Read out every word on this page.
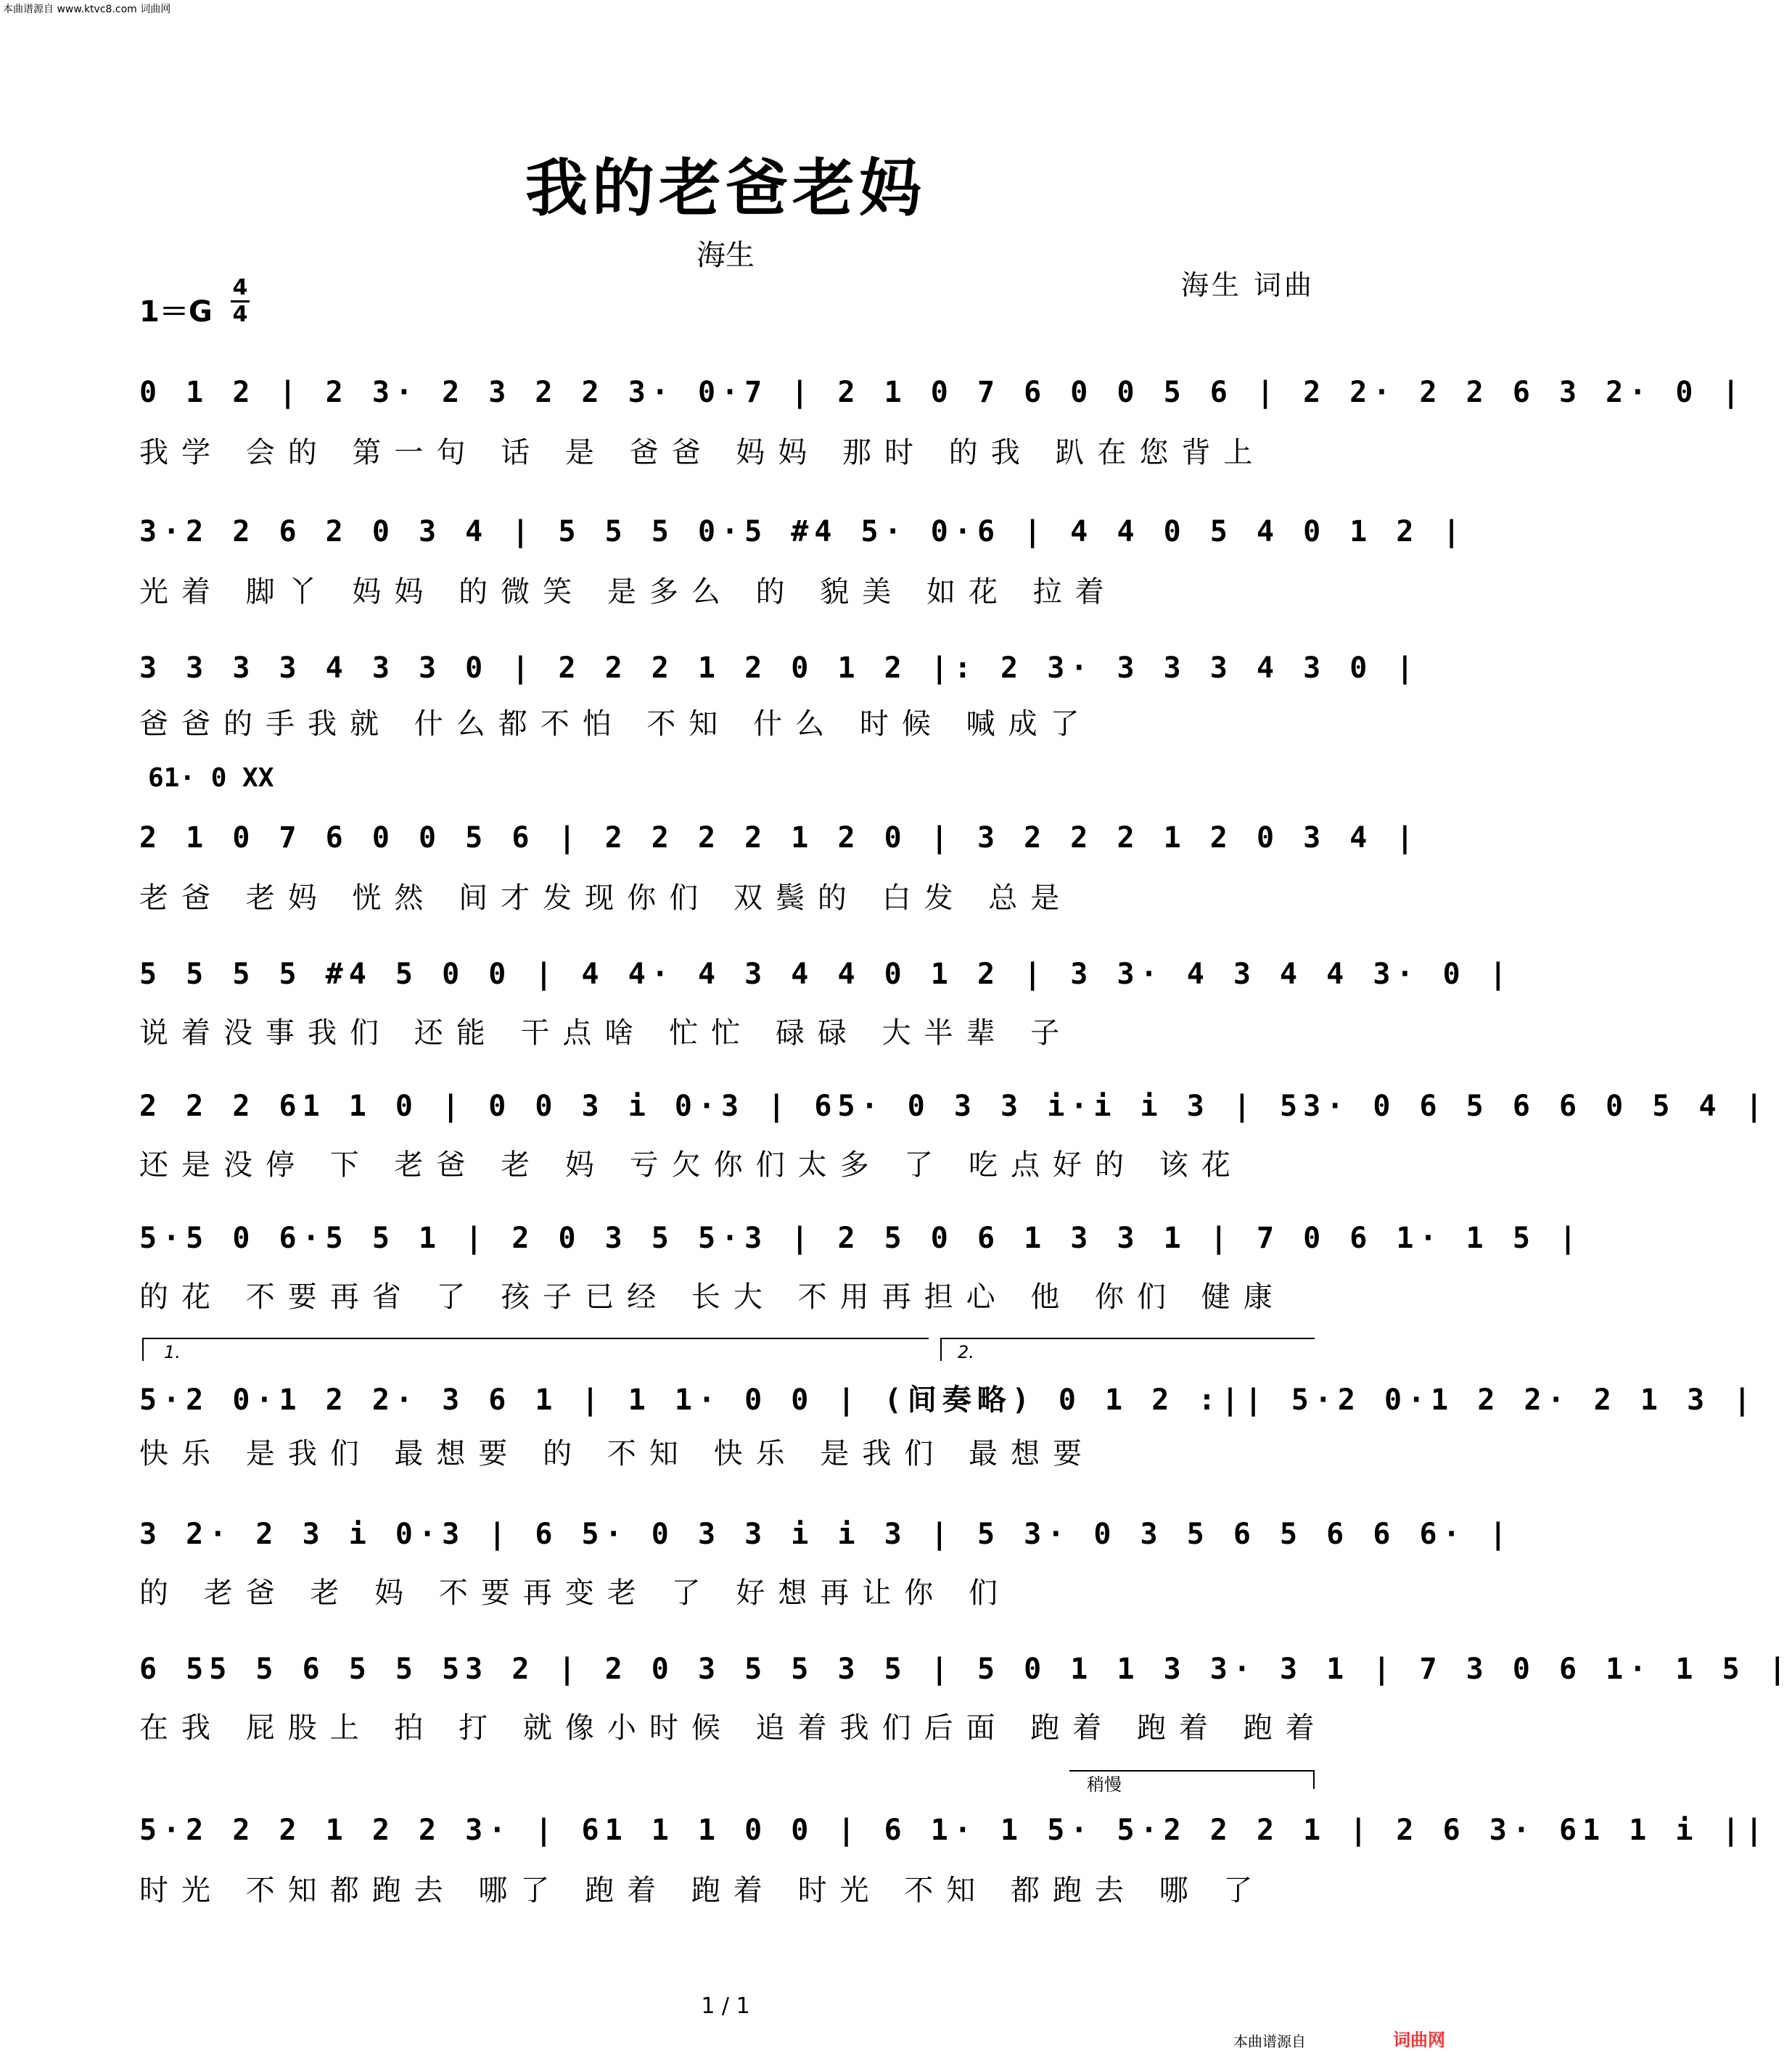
本曲谱源自 www.ktvc8.com 词曲网
我的老爸老妈
海生
海生 词曲
1＝G
4
4
0 1 2 | 2 3· 2 3 2 2 3· 0·7 | 2 1 0 7 6 0 0 5 6 | 2 2· 2 2 6 3 2· 0 |
我学 会的 第一句 话 是 爸爸 妈妈 那时 的我 趴在您背上
3·2 2 6 2 0 3 4 | 5 5 5 0·5 #4 5· 0·6 | 4 4 0 5 4 0 1 2 |
光着 脚丫 妈妈 的微笑 是多么 的 貌美 如花 拉着
3 3 3 3 4 3 3 0 | 2 2 2 1 2 0 1 2 |: 2 3· 3 3 3 4 3 0 |
爸爸的手我就 什么都不怕 不知 什么 时候 喊成了
61· 0 XX
2 1 0 7 6 0 0 5 6 | 2 2 2 2 1 2 0 | 3 2 2 2 1 2 0 3 4 |
老爸 老妈 恍然 间才发现你们 双鬓的 白发 总是
5 5 5 5 #4 5 0 0 | 4 4· 4 3 4 4 0 1 2 | 3 3· 4 3 4 4 3· 0 |
说着没事我们 还能 干点啥 忙忙 碌碌 大半辈 子
2 2 2 61 1 0 | 0 0 3 i 0·3 | 65· 0 3 3 i·i i 3 | 53· 0 6 5 6 6 0 5 4 |
还是没停 下 老爸 老 妈 亏欠你们太多 了 吃点好的 该花
5·5 0 6·5 5 1 | 2 0 3 5 5·3 | 2 5 0 6 1 3 3 1 | 7 0 6 1· 1 5 |
的花 不要再省 了 孩子已经 长大 不用再担心 他 你们 健康
1.	2.
5·2 0·1 2 2· 3 6 1 | 1 1· 0 0 | (间奏略) 0 1 2 :|| 5·2 0·1 2 2· 2 1 3 |
快乐 是我们 最想要 的 不知 快乐 是我们 最想要
3 2· 2 3 i 0·3 | 6 5· 0 3 3 i i 3 | 5 3· 0 3 5 6 5 6 6 6· |
的 老爸 老 妈 不要再变老 了 好想再让你 们
6 55 5 6 5 5 53 2 | 2 0 3 5 5 3 5 | 5 0 1 1 3 3· 3 1 | 7 3 0 6 1· 1 5 |
在我 屁股上 拍 打 就像小时候 追着我们后面 跑着 跑着 跑着
稍慢
5·2 2 2 1 2 2 3· | 61 1 1 0 0 | 6 1· 1 5· 5·2 2 2 1 | 2 6 3· 61 1 i ||
时光 不知都跑去 哪了 跑着 跑着 时光 不知 都跑去 哪 了
1 / 1
本曲谱源自	词曲网
